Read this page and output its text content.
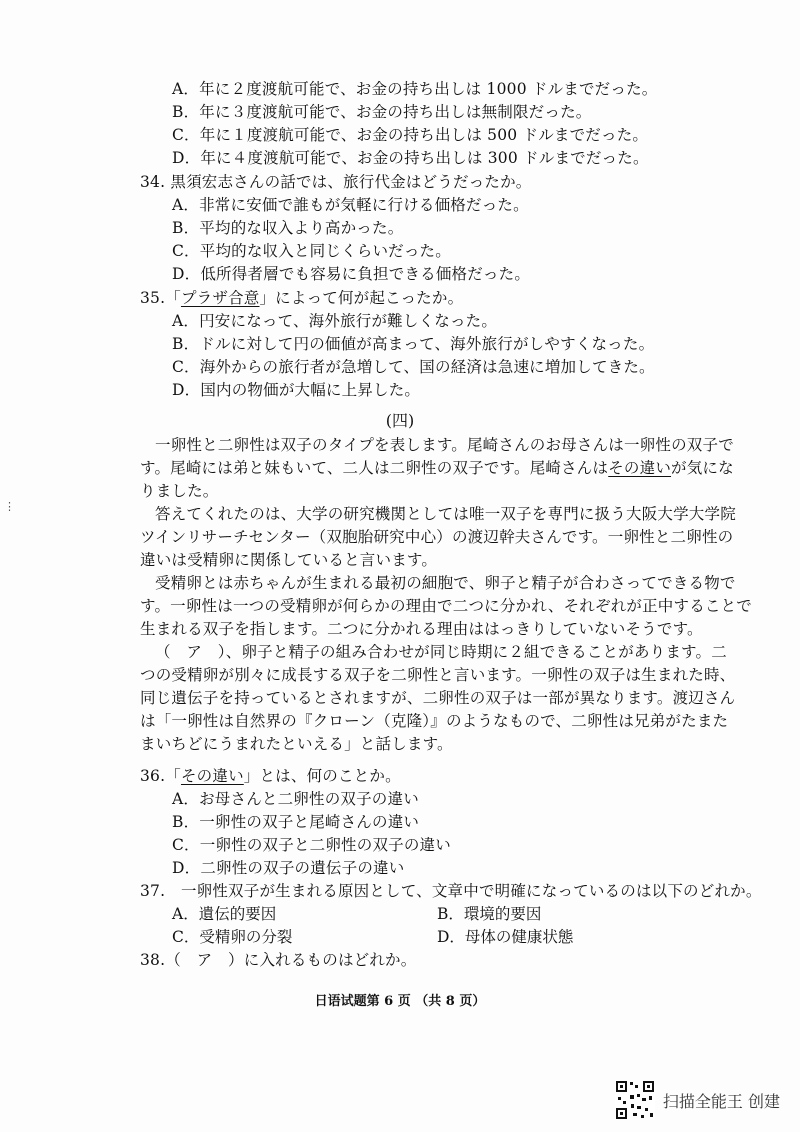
A．年に２度渡航可能で、お金の持ち出しは 1000 ドルまでだった。
B．年に３度渡航可能で、お金の持ち出しは無制限だった。
C．年に１度渡航可能で、お金の持ち出しは 500 ドルまでだった。
D．年に４度渡航可能で、お金の持ち出しは 300 ドルまでだった。
34. 黒須宏志さんの話では、旅行代金はどうだったか。
A．非常に安価で誰もが気軽に行ける価格だった。
B．平均的な収入より高かった。
C．平均的な収入と同じくらいだった。
D．低所得者層でも容易に負担できる価格だった。
35.「プラザ合意」によって何が起こったか。
A．円安になって、海外旅行が難しくなった。
B．ドルに対して円の価値が高まって、海外旅行がしやすくなった。
C．海外からの旅行者が急増して、国の経済は急速に増加してきた。
D．国内の物価が大幅に上昇した。
(四)
一卵性と二卵性は双子のタイプを表します。尾崎さんのお母さんは一卵性の双子で
す。尾崎には弟と妹もいて、二人は二卵性の双子です。尾崎さんはその違いが気にな
りました。
答えてくれたのは、大学の研究機関としては唯一双子を専門に扱う大阪大学大学院
ツインリサーチセンター（双胞胎研究中心）の渡辺幹夫さんです。一卵性と二卵性の
違いは受精卵に関係していると言います。
受精卵とは赤ちゃんが生まれる最初の細胞で、卵子と精子が合わさってできる物で
す。一卵性は一つの受精卵が何らかの理由で二つに分かれ、それぞれが正中することで
生まれる双子を指します。二つに分かれる理由ははっきりしていないそうです。
（　ア　）、卵子と精子の組み合わせが同じ時期に２組できることがあります。二
つの受精卵が別々に成長する双子を二卵性と言います。一卵性の双子は生まれた時、
同じ遺伝子を持っているとされますが、二卵性の双子は一部が異なります。渡辺さん
は「一卵性は自然界の『クローン（克隆）』のようなもので、二卵性は兄弟がたまた
まいちどにうまれたといえる」と話します。
36.「その違い」とは、何のことか。
A．お母さんと二卵性の双子の違い
B．一卵性の双子と尾崎さんの違い
C．一卵性の双子と二卵性の双子の違い
D．二卵性の双子の遺伝子の違い
37.　一卵性双子が生まれる原因として、文章中で明確になっているのは以下のどれか。
A．遺伝的要因	B．環境的要因
C．受精卵の分裂	D．母体の健康状態
38.（　ア　）に入れるものはどれか。
日语试题第 6 页 （共 8 页）
⋮
扫描全能王 创建
